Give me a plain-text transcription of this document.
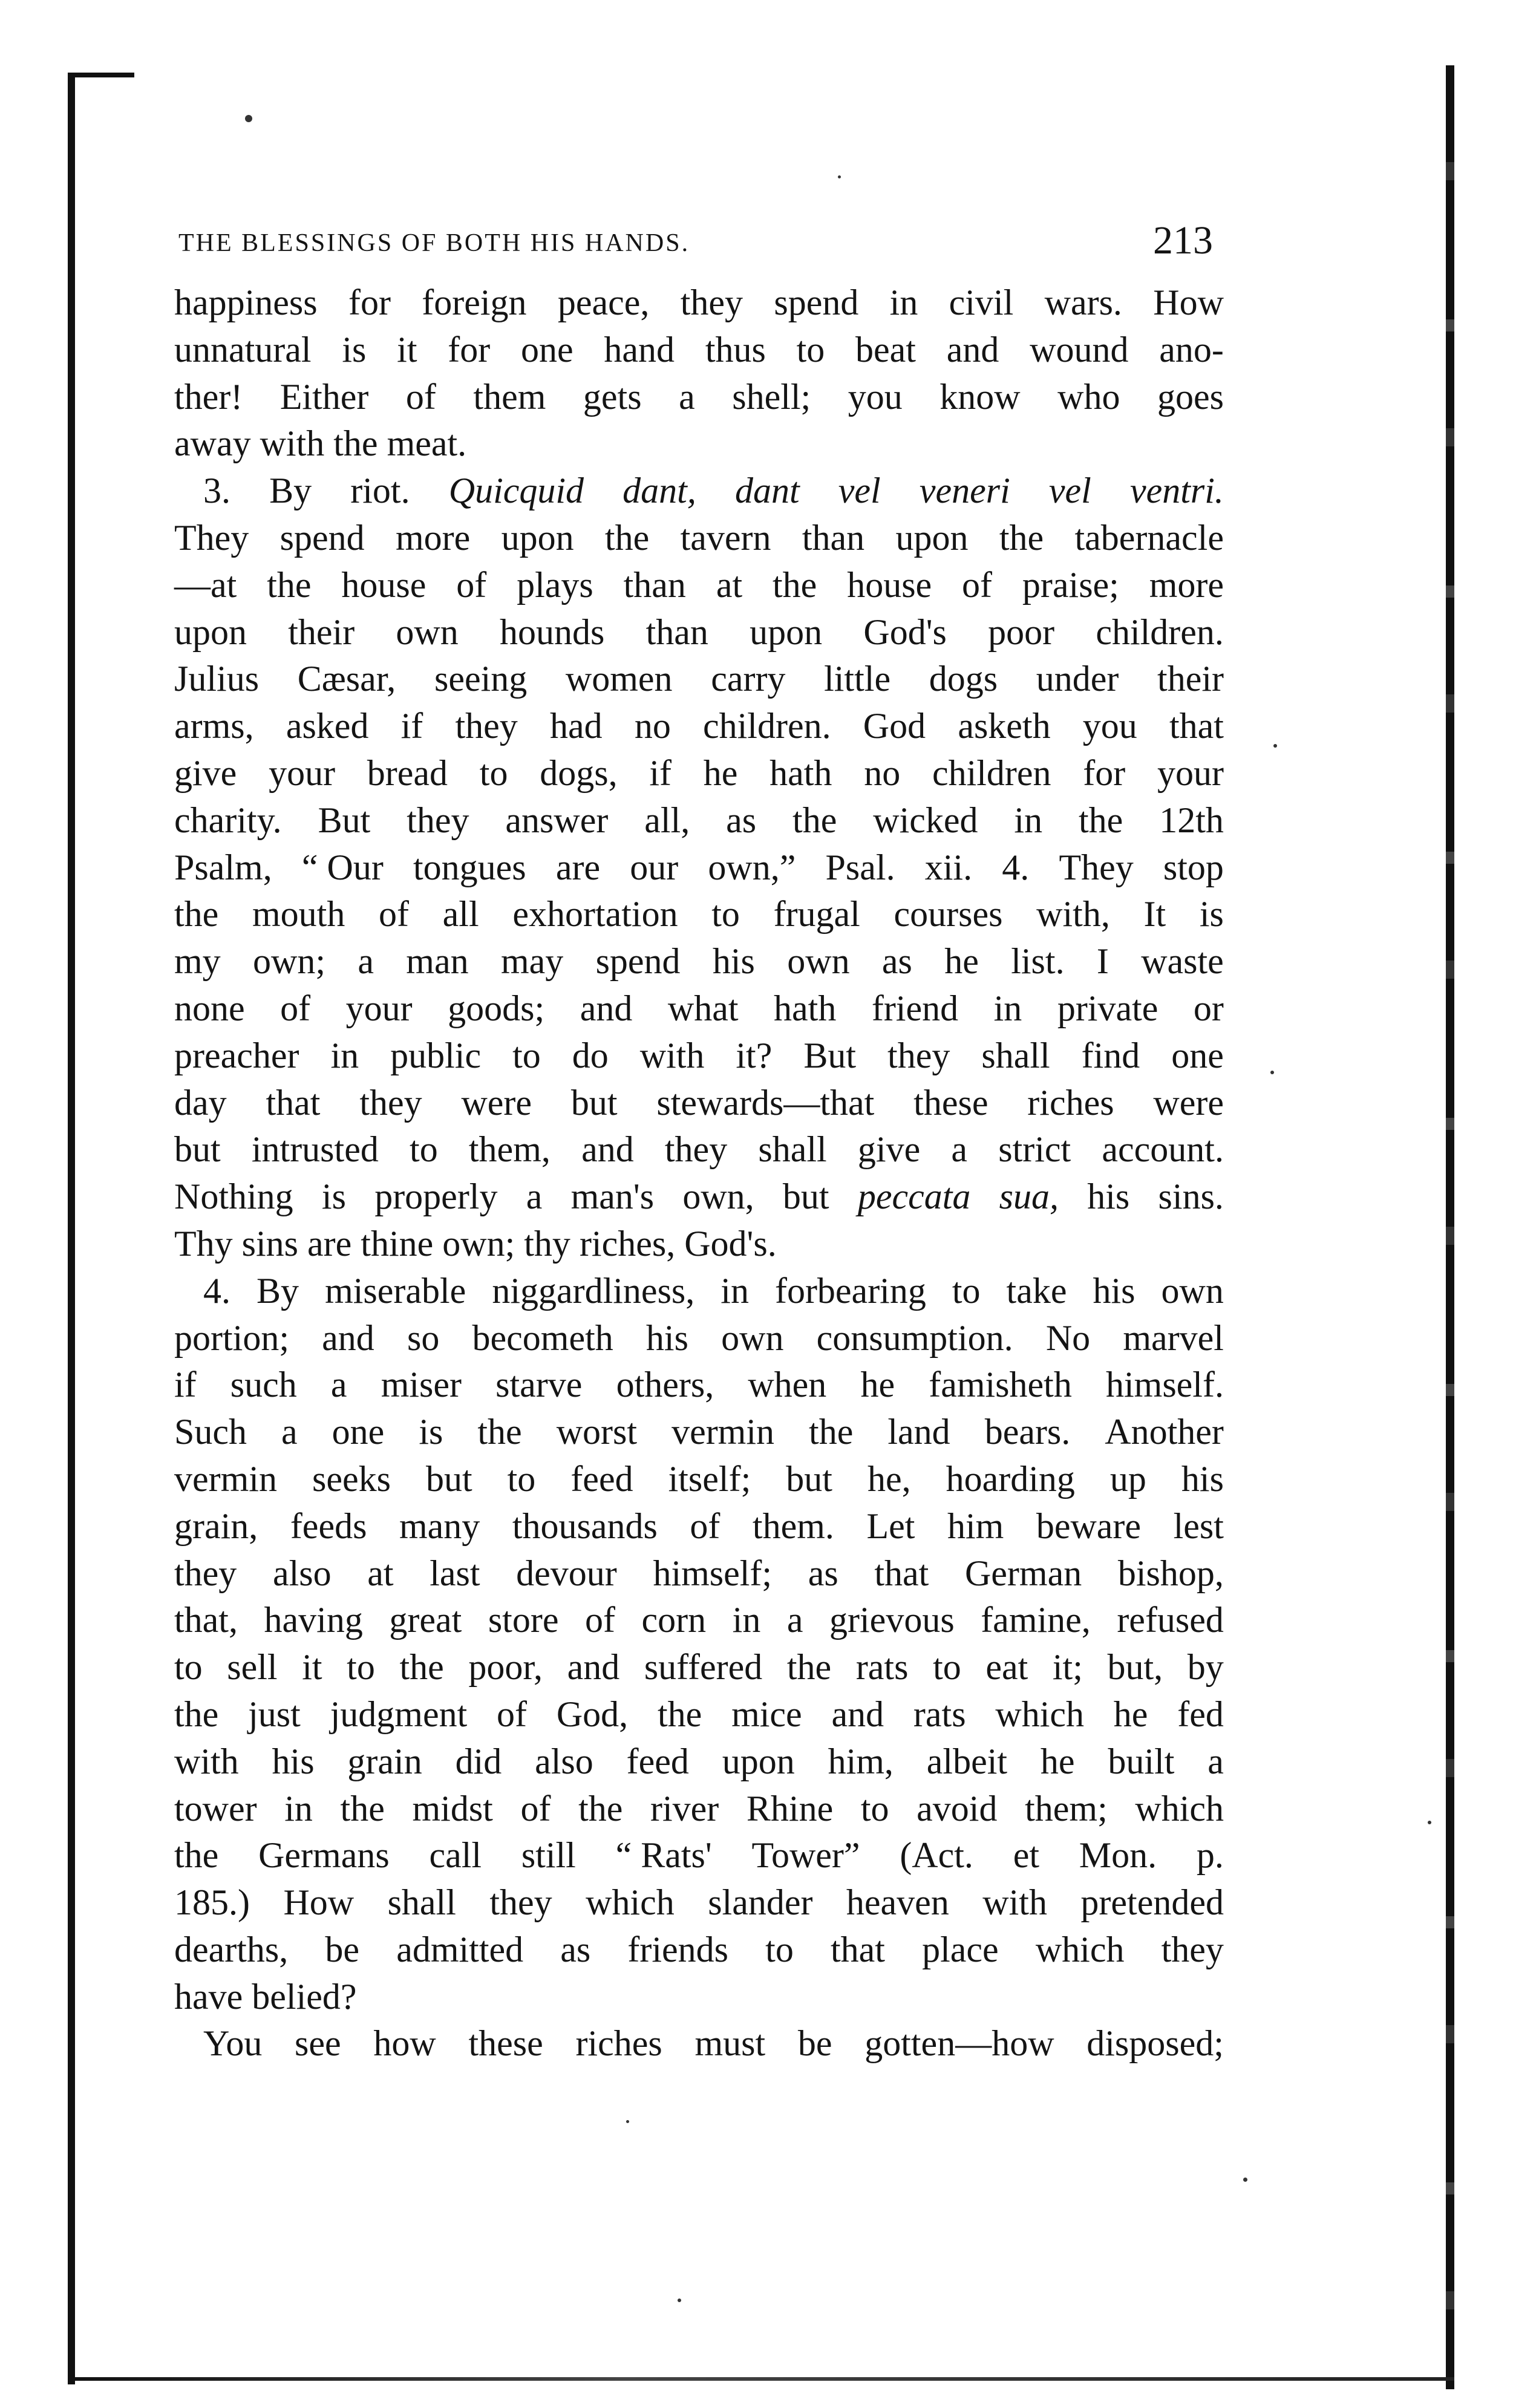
THE BLESSINGS OF BOTH HIS HANDS.	213
happiness for foreign peace, they spend in civil wars. How
unnatural is it for one hand thus to beat and wound ano-
ther! Either of them gets a shell; you know who goes
away with the meat.
3. By riot. Quicquid dant, dant vel veneri vel ventri.
They spend more upon the tavern than upon the tabernacle
—at the house of plays than at the house of praise; more
upon their own hounds than upon God's poor children.
Julius Cæsar, seeing women carry little dogs under their
arms, asked if they had no children. God asketh you that
give your bread to dogs, if he hath no children for your
charity. But they answer all, as the wicked in the 12th
Psalm, “ Our tongues are our own,” Psal. xii. 4. They stop
the mouth of all exhortation to frugal courses with, It is
my own; a man may spend his own as he list. I waste
none of your goods; and what hath friend in private or
preacher in public to do with it? But they shall find one
day that they were but stewards—that these riches were
but intrusted to them, and they shall give a strict account.
Nothing is properly a man's own, but peccata sua, his sins.
Thy sins are thine own; thy riches, God's.
4. By miserable niggardliness, in forbearing to take his own
portion; and so becometh his own consumption. No marvel
if such a miser starve others, when he famisheth himself.
Such a one is the worst vermin the land bears. Another
vermin seeks but to feed itself; but he, hoarding up his
grain, feeds many thousands of them. Let him beware lest
they also at last devour himself; as that German bishop,
that, having great store of corn in a grievous famine, refused
to sell it to the poor, and suffered the rats to eat it; but, by
the just judgment of God, the mice and rats which he fed
with his grain did also feed upon him, albeit he built a
tower in the midst of the river Rhine to avoid them; which
the Germans call still “ Rats' Tower” (Act. et Mon. p.
185.) How shall they which slander heaven with pretended
dearths, be admitted as friends to that place which they
have belied?
You see how these riches must be gotten—how disposed;
